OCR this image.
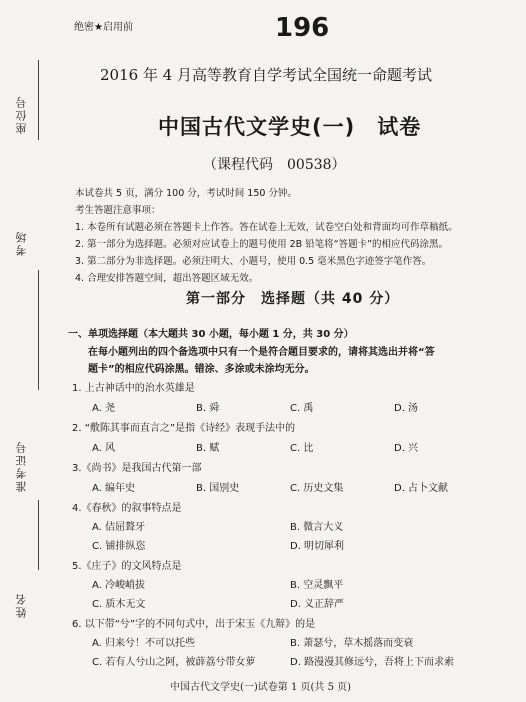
座位号
考场
准考证号
姓名
绝密★启用前	196
2016 年 4 月高等教育自学考试全国统一命题考试
中国古代文学史(一)　试卷
（课程代码　00538）
本试卷共 5 页，满分 100 分，考试时间 150 分钟。
考生答题注意事项：
1. 本卷所有试题必须在答题卡上作答。答在试卷上无效，试卷空白处和背面均可作草稿纸。
2. 第一部分为选择题。必须对应试卷上的题号使用 2B 铅笔将“答题卡”的相应代码涂黑。
3. 第二部分为非选择题。必须注明大、小题号，使用 0.5 毫米黑色字迹签字笔作答。
4. 合理安排答题空间，超出答题区域无效。
第一部分　选择题（共 40 分）
一、单项选择题（本大题共 30 小题，每小题 1 分，共 30 分）
在每小题列出的四个备选项中只有一个是符合题目要求的，请将其选出并将“答
题卡”的相应代码涂黑。错涂、多涂或未涂均无分。
1. 上古神话中的治水英雄是
A. 尧	B. 舜	C. 禹	D. 汤
2. “敷陈其事而直言之”是指《诗经》表现手法中的
A. 风	B. 赋	C. 比	D. 兴
3.《尚书》是我国古代第一部
A. 编年史	B. 国别史	C. 历史文集	D. 占卜文献
4.《春秋》的叙事特点是
A. 佶屈聱牙	B. 微言大义
C. 铺排纵恣	D. 明切犀利
5.《庄子》的文风特点是
A. 冷峻峭拔	B. 空灵飘平
C. 质木无文	D. 义正辞严
6. 以下带“兮”字的不同句式中，出于宋玉《九辩》的是
A. 归来兮！不可以托些	B. 萧瑟兮，草木摇落而变衰
C. 若有人兮山之阿，被薜荔兮带女萝	D. 路漫漫其修远兮，吾将上下而求索
中国古代文学史(一)试卷第 1 页(共 5 页)
